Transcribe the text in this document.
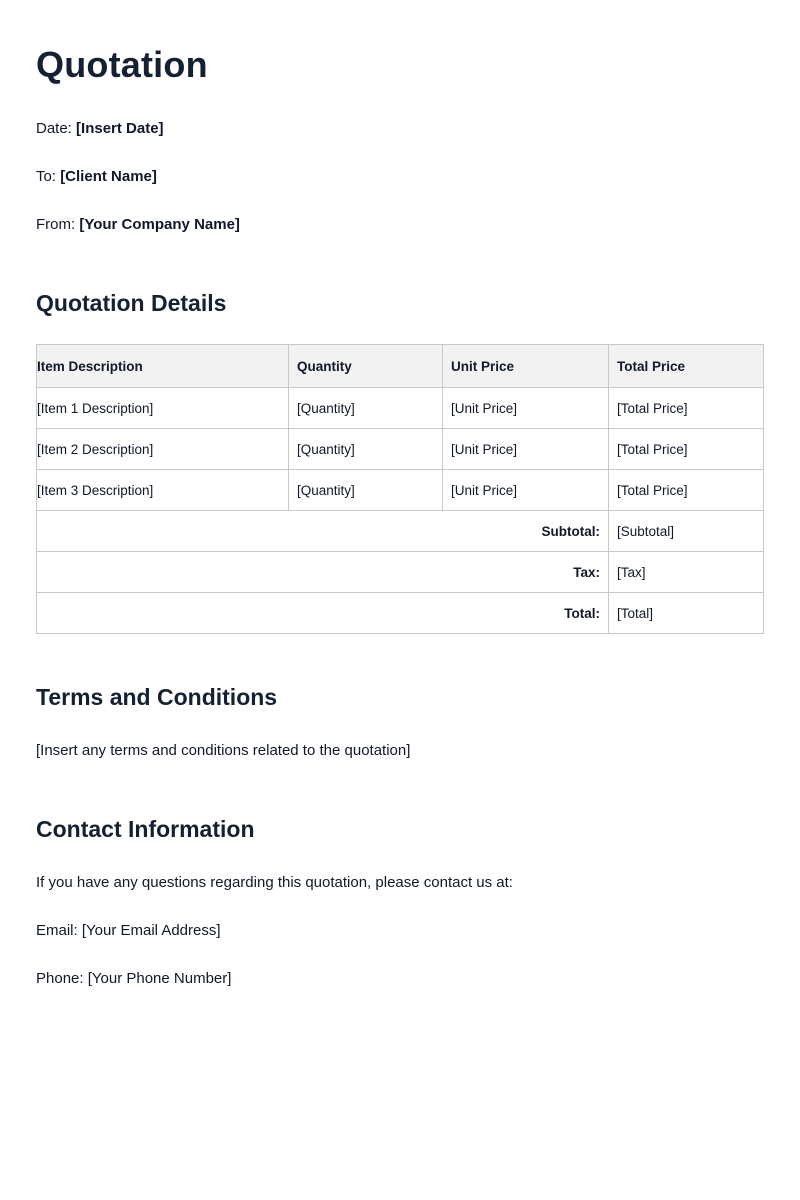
Quotation
Date: [Insert Date]
To: [Client Name]
From: [Your Company Name]
Quotation Details
Item Description	Quantity	Unit Price	Total Price
[Item 1 Description]	[Quantity]	[Unit Price]	[Total Price]
[Item 2 Description]	[Quantity]	[Unit Price]	[Total Price]
[Item 3 Description]	[Quantity]	[Unit Price]	[Total Price]
Subtotal:			[Subtotal]
Tax:			[Tax]
Total:			[Total]
Terms and Conditions
[Insert any terms and conditions related to the quotation]
Contact Information
If you have any questions regarding this quotation, please contact us at:
Email: [Your Email Address]
Phone: [Your Phone Number]
